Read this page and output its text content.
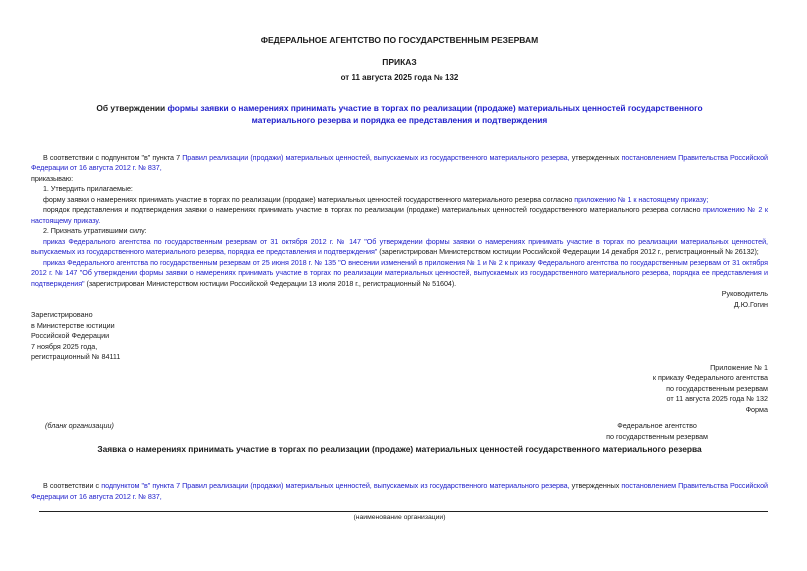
ФЕДЕРАЛЬНОЕ АГЕНТСТВО ПО ГОСУДАРСТВЕННЫМ РЕЗЕРВАМ
ПРИКАЗ
от 11 августа 2025 года № 132
Об утверждении формы заявки о намерениях принимать участие в торгах по реализации (продаже) материальных ценностей государственного материального резерва и порядка ее представления и подтверждения

В соответствии с подпунктом "в" пункта 7 Правил реализации (продажи) материальных ценностей, выпускаемых из государственного материального резерва, утвержденных постановлением Правительства Российской Федерации от 16 августа 2012 г. № 837,

приказываю:

1. Утвердить прилагаемые:

форму заявки о намерениях принимать участие в торгах по реализации (продаже) материальных ценностей государственного материального резерва согласно приложению № 1 к настоящему приказу;

порядок представления и подтверждения заявки о намерениях принимать участие в торгах по реализации (продаже) материальных ценностей государственного материального резерва согласно приложению № 2 к настоящему приказу.

2. Признать утратившими силу:

приказ Федерального агентства по государственным резервам от 31 октября 2012 г. № 147 "Об утверждении формы заявки о намерениях принимать участие в торгах по реализации материальных ценностей, выпускаемых из государственного материального резерва, порядка ее представления и подтверждения" (зарегистрирован Министерством юстиции Российской Федерации 14 декабря 2012 г., регистрационный № 26132);

приказ Федерального агентства по государственным резервам от 25 июня 2018 г. № 135 "О внесении изменений в приложения № 1 и № 2 к приказу Федерального агентства по государственным резервам от 31 октября 2012 г. № 147 "Об утверждении формы заявки о намерениях принимать участие в торгах по реализации материальных ценностей, выпускаемых из государственного материального резерва, порядка ее представления и подтверждения" (зарегистрирован Министерством юстиции Российской Федерации 13 июля 2018 г., регистрационный № 51604).

Руководитель
Д.Ю.Гогин
Зарегистрировано
в Министерстве юстиции
Российской Федерации
7 ноября 2025 года,
регистрационный № 84111
Приложение № 1
к приказу Федерального агентства
по государственным резервам
от 11 августа 2025 года № 132
Форма
(бланк организации)	Федеральное агентство
по государственным резервам
Заявка о намерениях принимать участие в торгах по реализации (продаже) материальных ценностей государственного материального резерва

В соответствии с подпунктом "в" пункта 7 Правил реализации (продажи) материальных ценностей, выпускаемых из государственного материального резерва, утвержденных постановлением Правительства Российской Федерации от 16 августа 2012 г. № 837,

(наименование организации)
